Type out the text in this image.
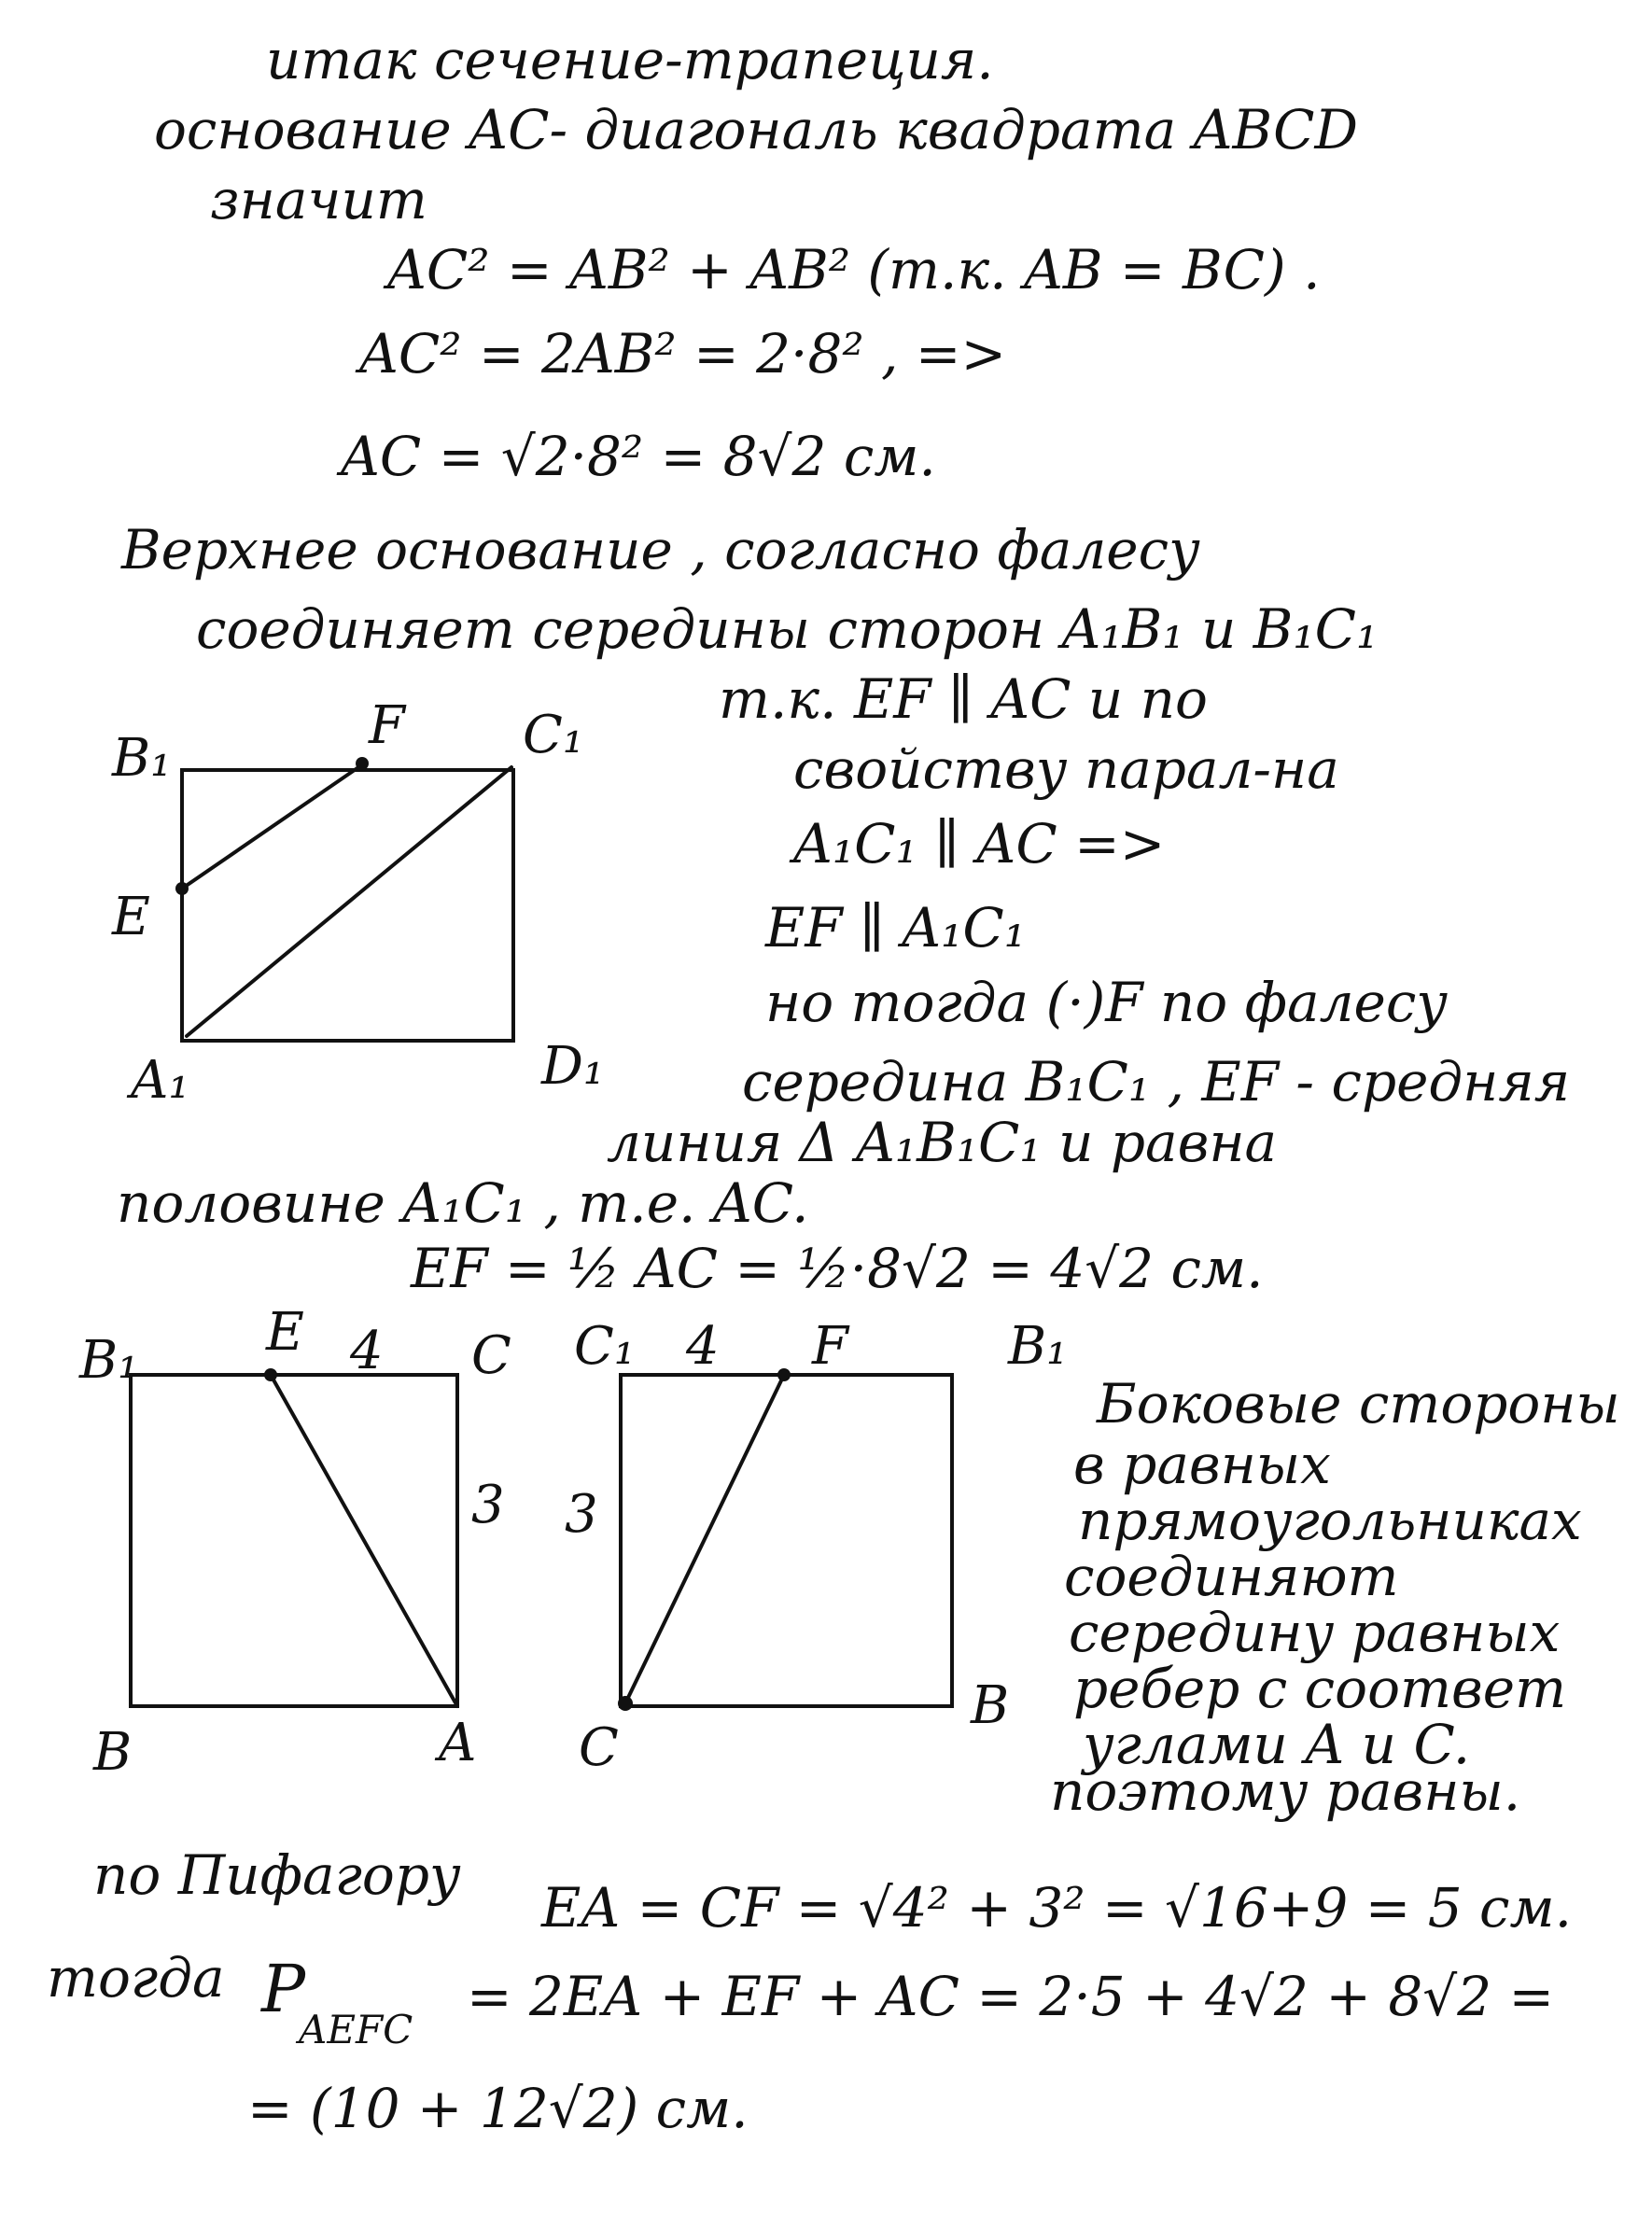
итак сечение-трапеция.
основание AC- диагональ квадрата ABCD
значит
AC² = AB² + AB² (т.к. AB = BC) .
AC² = 2AB² = 2·8² , =>
AC = √2·8² = 8√2 см.
Верхнее основание , согласно фалесу
соединяет середины сторон A₁B₁ и B₁C₁
т.к. EF ∥ AC и по
свойству парал-на
A₁C₁ ∥ AC =>
EF ∥ A₁C₁
но тогда (·)F по фалесу
середина B₁C₁ , EF - средняя
линия Δ A₁B₁C₁ и равна
половине A₁C₁ , т.е. AC.
EF = ½ AC = ½·8√2 = 4√2 см.
Боковые стороны
в равных
прямоугольниках
соединяют
середину равных
ребер с соответ
углами A и C.
поэтому равны.
по Пифагору
EA = CF = √4² + 3² = √16+9 = 5 см.
тогда P
AEFC
= 2EA + EF + AC = 2·5 + 4√2 + 8√2 =
= (10 + 12√2) см.
B₁
F C₁
E
A₁	D₁
B₁ E 4 C
3
B	A
C₁ 4 F	B₁
3
C
B
